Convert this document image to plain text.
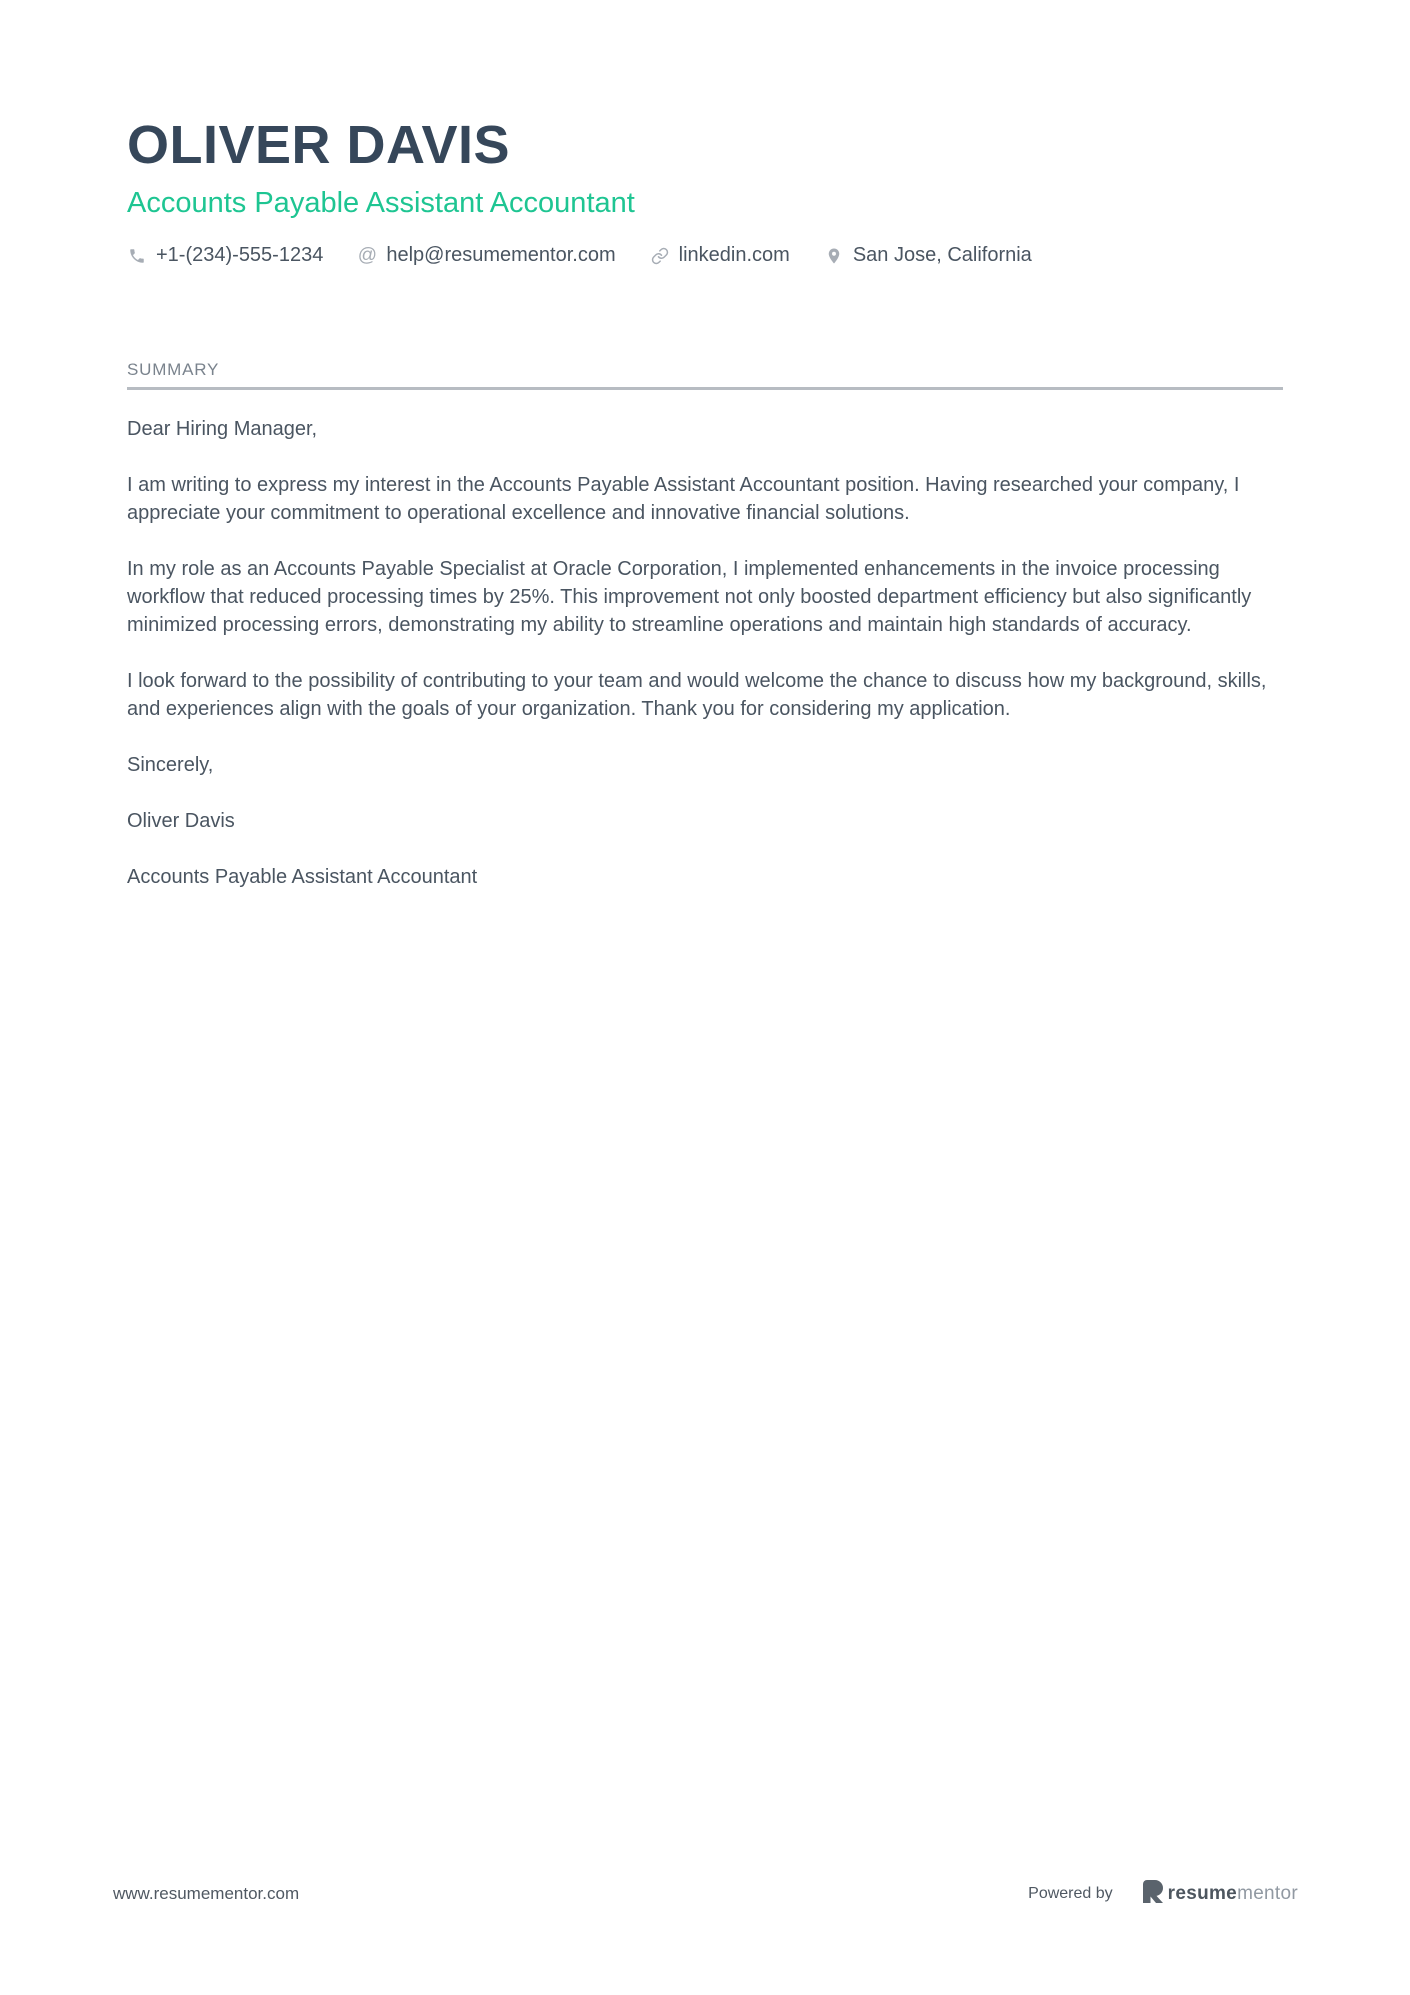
OLIVER DAVIS
Accounts Payable Assistant Accountant
+1-(234)-555-1234 @ help@resumementor.com	linkedin.com	San Jose, California
SUMMARY

Dear Hiring Manager,

I am writing to express my interest in the Accounts Payable Assistant Accountant position. Having researched your company, I appreciate your commitment to operational excellence and innovative financial solutions.

In my role as an Accounts Payable Specialist at Oracle Corporation, I implemented enhancements in the invoice processing workflow that reduced processing times by 25%. This improvement not only boosted department efficiency but also significantly minimized processing errors, demonstrating my ability to streamline operations and maintain high standards of accuracy.

I look forward to the possibility of contributing to your team and would welcome the chance to discuss how my background, skills, and experiences align with the goals of your organization. Thank you for considering my application.

Sincerely,

Oliver Davis

Accounts Payable Assistant Accountant

www.resumementor.com	Powered by	resumementor
